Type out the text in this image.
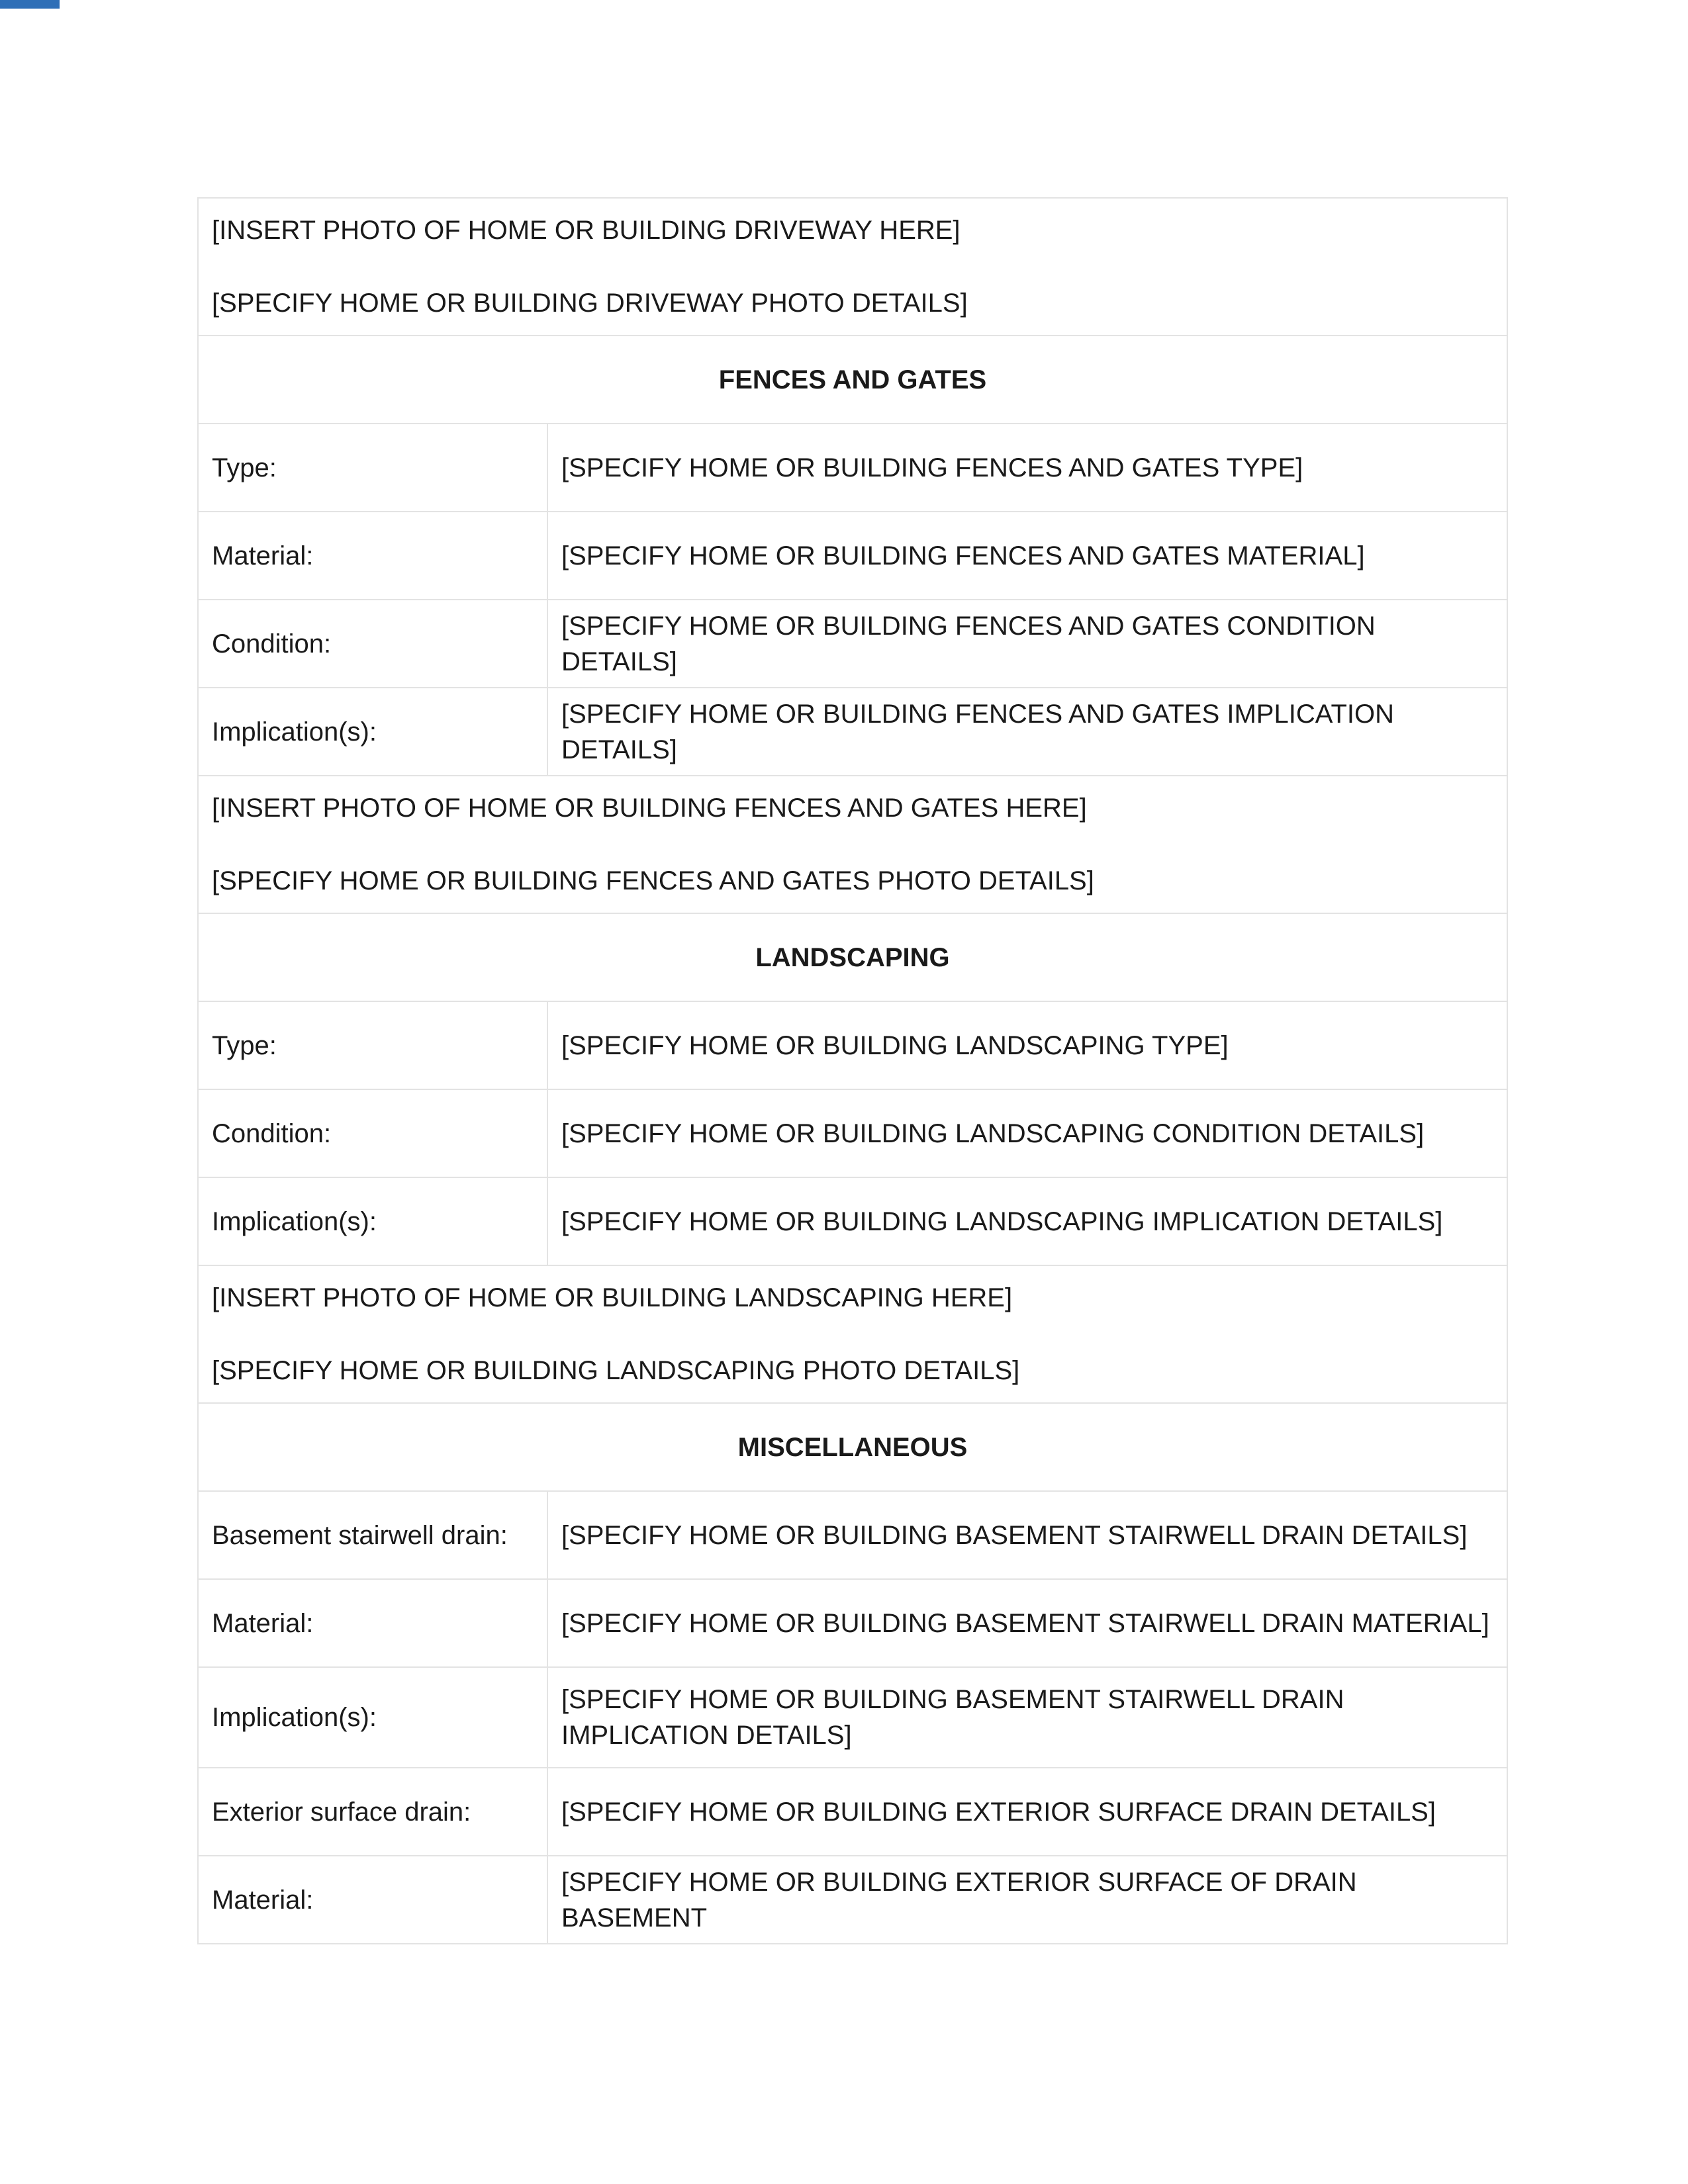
[INSERT PHOTO OF HOME OR BUILDING DRIVEWAY HERE]
[SPECIFY HOME OR BUILDING DRIVEWAY PHOTO DETAILS]	

FENCES AND GATES	
Type:	[SPECIFY HOME OR BUILDING FENCES AND GATES TYPE]
Material:	[SPECIFY HOME OR BUILDING FENCES AND GATES MATERIAL]
Condition:	[SPECIFY HOME OR BUILDING FENCES AND GATES CONDITION DETAILS]
Implication(s):	[SPECIFY HOME OR BUILDING FENCES AND GATES IMPLICATION DETAILS]

[INSERT PHOTO OF HOME OR BUILDING FENCES AND GATES HERE]
[SPECIFY HOME OR BUILDING FENCES AND GATES PHOTO DETAILS]	

LANDSCAPING	
Type:	[SPECIFY HOME OR BUILDING LANDSCAPING TYPE]
Condition:	[SPECIFY HOME OR BUILDING LANDSCAPING CONDITION DETAILS]
Implication(s):	[SPECIFY HOME OR BUILDING LANDSCAPING IMPLICATION DETAILS]

[INSERT PHOTO OF HOME OR BUILDING LANDSCAPING HERE]
[SPECIFY HOME OR BUILDING LANDSCAPING PHOTO DETAILS]	

MISCELLANEOUS	
Basement stairwell drain:	[SPECIFY HOME OR BUILDING BASEMENT STAIRWELL DRAIN DETAILS]
Material:	[SPECIFY HOME OR BUILDING BASEMENT STAIRWELL DRAIN MATERIAL]
Implication(s):	[SPECIFY HOME OR BUILDING BASEMENT STAIRWELL DRAIN IMPLICATION DETAILS]
Exterior surface drain:	[SPECIFY HOME OR BUILDING EXTERIOR SURFACE DRAIN DETAILS]
Material:	[SPECIFY HOME OR BUILDING EXTERIOR SURFACE OF DRAIN BASEMENT
